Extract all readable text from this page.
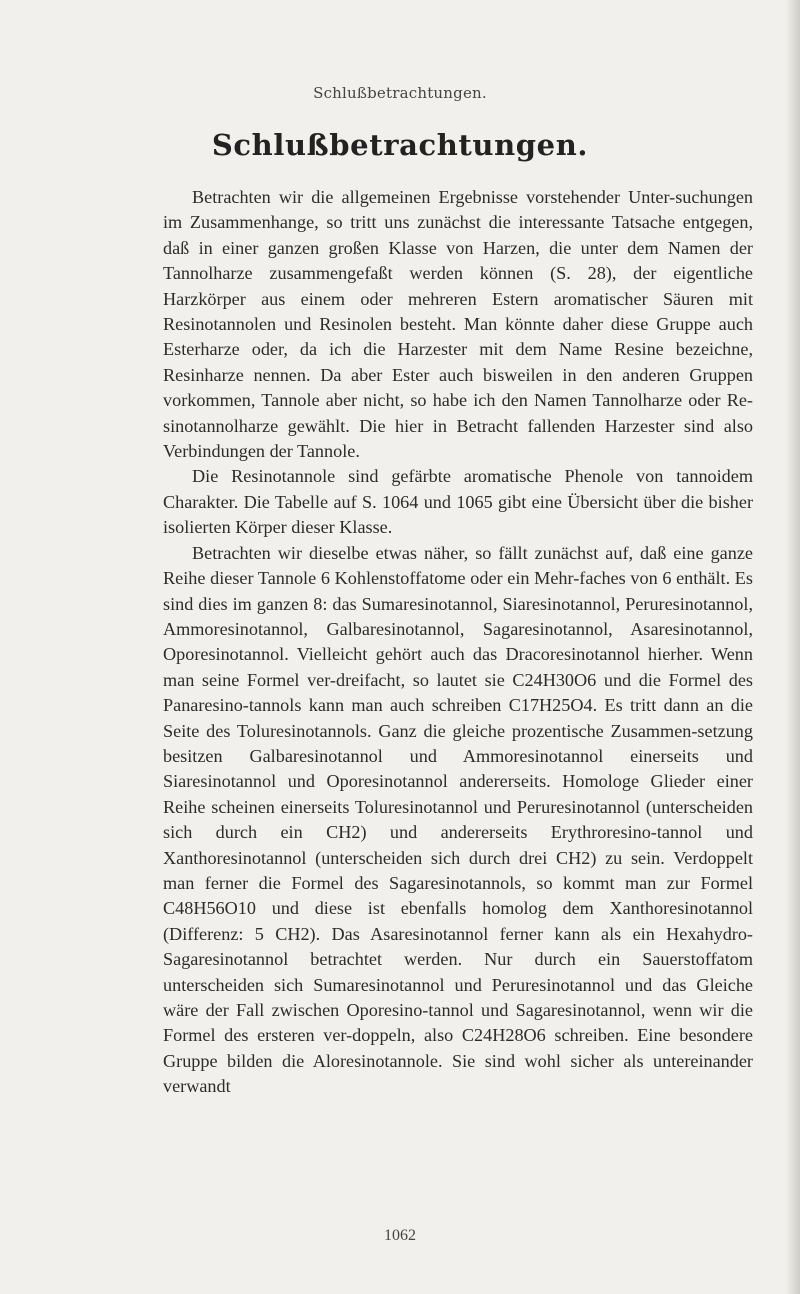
Schlußbetrachtungen.
Schlußbetrachtungen.

Betrachten wir die allgemeinen Ergebnisse vorstehender Unter-suchungen im Zusammenhange, so tritt uns zunächst die interessante Tatsache entgegen, daß in einer ganzen großen Klasse von Harzen, die unter dem Namen der Tannolharze zusammengefaßt werden können (S. 28), der eigentliche Harzkörper aus einem oder mehreren Estern aromatischer Säuren mit Resinotannolen und Resinolen besteht. Man könnte daher diese Gruppe auch Esterharze oder, da ich die Harzester mit dem Name Resine bezeichne, Resinharze nennen. Da aber Ester auch bisweilen in den anderen Gruppen vorkommen, Tannole aber nicht, so habe ich den Namen Tannolharze oder Re-sinotannolharze gewählt. Die hier in Betracht fallenden Harzester sind also Verbindungen der Tannole.

Die Resinotannole sind gefärbte aromatische Phenole von tannoidem Charakter. Die Tabelle auf S. 1064 und 1065 gibt eine Übersicht über die bisher isolierten Körper dieser Klasse.

Betrachten wir dieselbe etwas näher, so fällt zunächst auf, daß eine ganze Reihe dieser Tannole 6 Kohlenstoffatome oder ein Mehr-faches von 6 enthält. Es sind dies im ganzen 8: das Sumaresinotannol, Siaresinotannol, Peruresinotannol, Ammoresinotannol, Galbaresinotannol, Sagaresinotannol, Asaresinotannol, Oporesinotannol. Vielleicht gehört auch das Dracoresinotannol hierher. Wenn man seine Formel ver-dreifacht, so lautet sie C24H30O6 und die Formel des Panaresino-tannols kann man auch schreiben C17H25O4. Es tritt dann an die Seite des Toluresinotannols. Ganz die gleiche prozentische Zusammen-setzung besitzen Galbaresinotannol und Ammoresinotannol einerseits und Siaresinotannol und Oporesinotannol andererseits. Homologe Glieder einer Reihe scheinen einerseits Toluresinotannol und Peruresinotannol (unterscheiden sich durch ein CH2) und andererseits Erythroresino-tannol und Xanthoresinotannol (unterscheiden sich durch drei CH2) zu sein. Verdoppelt man ferner die Formel des Sagaresinotannols, so kommt man zur Formel C48H56O10 und diese ist ebenfalls homolog dem Xanthoresinotannol (Differenz: 5 CH2). Das Asaresinotannol ferner kann als ein Hexahydro-Sagaresinotannol betrachtet werden. Nur durch ein Sauerstoffatom unterscheiden sich Sumaresinotannol und Peruresinotannol und das Gleiche wäre der Fall zwischen Oporesino-tannol und Sagaresinotannol, wenn wir die Formel des ersteren ver-doppeln, also C24H28O6 schreiben. Eine besondere Gruppe bilden die Aloresinotannole. Sie sind wohl sicher als untereinander verwandt

1062
